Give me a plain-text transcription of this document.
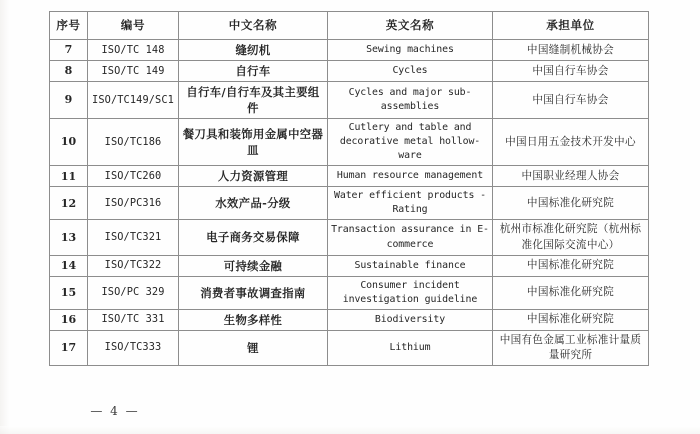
序号	编号	中文名称	英文名称	承担单位
7	ISO/TC 148	缝纫机	Sewing machines	中国缝制机械协会
8	ISO/TC 149	自行车	Cycles	中国自行车协会
9	ISO/TC149/SC1	自行车/自行车及其主要组件	Cycles and major sub-assemblies	中国自行车协会
10	ISO/TC186	餐刀具和装饰用金属中空器皿	Cutlery and table and decorative metal hollow-ware	中国日用五金技术开发中心
11	ISO/TC260	人力资源管理	Human resource management	中国职业经理人协会
12	ISO/PC316	水效产品-分级	Water efficient products - Rating	中国标准化研究院
13	ISO/TC321	电子商务交易保障	Transaction assurance in E-commerce	杭州市标准化研究院（杭州标准化国际交流中心）
14	ISO/TC322	可持续金融	Sustainable finance	中国标准化研究院
15	ISO/PC 329	消费者事故调查指南	Consumer incident investigation guideline	中国标准化研究院
16	ISO/TC 331	生物多样性	Biodiversity	中国标准化研究院
17	ISO/TC333	锂	Lithium	中国有色金属工业标准计量质量研究所
— 4 —
